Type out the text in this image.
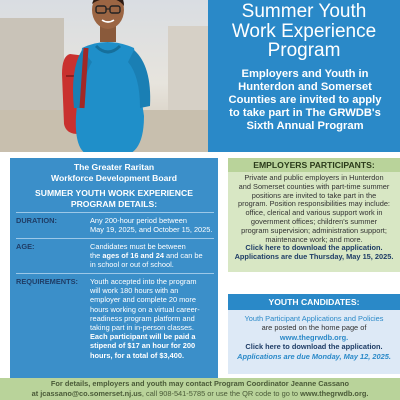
Summer Youth
Work Experience
Program
Employers and Youth in
Hunterdon and Somerset
Counties are invited to apply
to take part in The GRWDB's
Sixth Annual Program
The Greater Raritan
Workforce Development Board
SUMMER YOUTH WORK EXPERIENCE
PROGRAM DETAILS:
DURATION:	Any 200-hour period between
May 19, 2025, and October 15, 2025.
AGE:	Candidates must be between
the ages of 16 and 24 and can be
in school or out of school.
REQUIREMENTS:	Youth accepted into the program
will work 180 hours with an
employer and complete 20 more
hours working on a virtual career-
readiness program platform and
taking part in in-person classes.
Each participant will be paid a
stipend of $17 an hour for 200
hours, for a total of $3,400.
EMPLOYERS PARTICIPANTS:
Private and public employers in Hunterdon
and Somerset counties with part-time summer
positions are invited to take part in the
program. Position responsibilities may include:
office, clerical and various support work in
government offices; children's summer
program supervision; administration support;
maintenance work; and more.
Click here to download the application.
Applications are due Thursday, May 15, 2025.
YOUTH CANDIDATES:
Youth Participant Applications and Policies
are posted on the home page of
www.thegrwdb.org.
Click here to download the application.
Applications are due Monday, May 12, 2025.
For details, employers and youth may contact Program Coordinator Jeanne Cassano
at jcassano@co.somerset.nj.us, call 908-541-5785 or use the QR code to go to www.thegrwdb.org.
